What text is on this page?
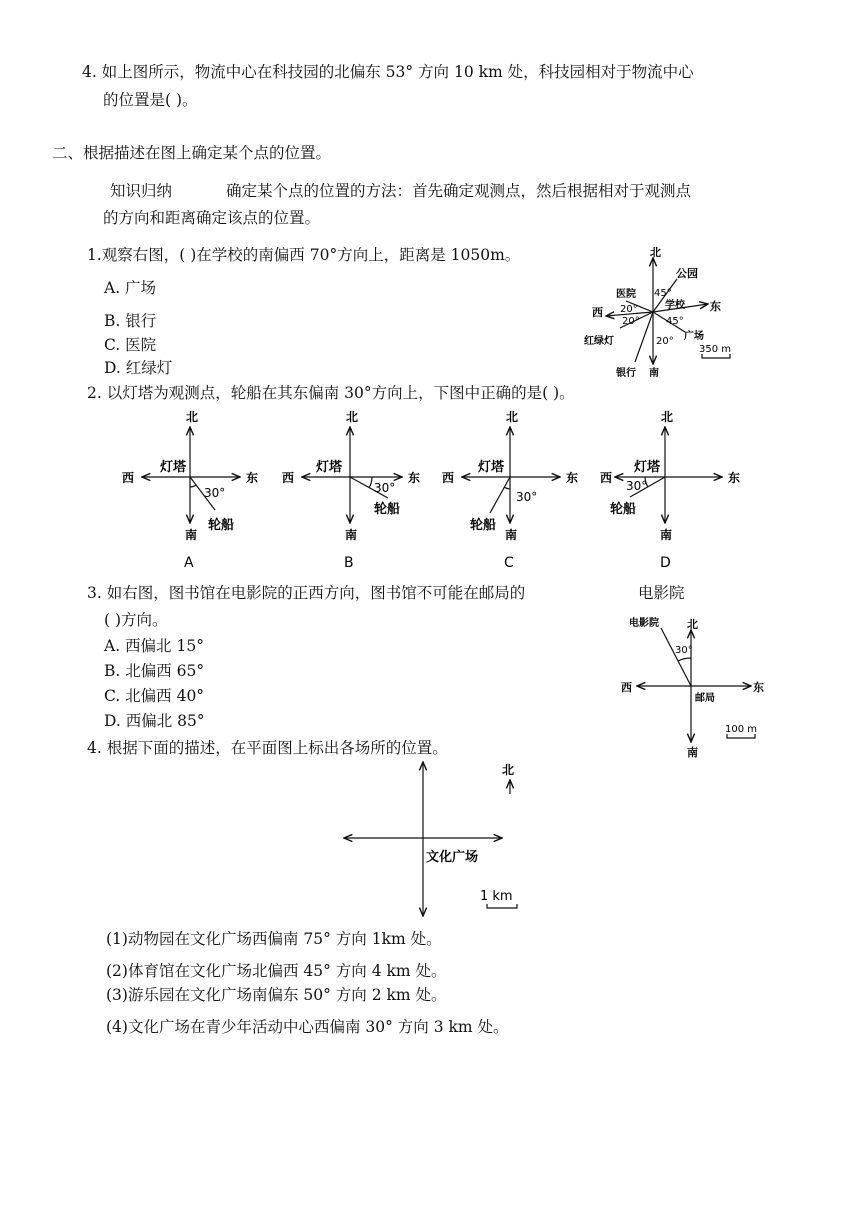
4. 如上图所示，物流中心在科技园的北偏东 53° 方向 10 km 处，科技园相对于物流中心
的位置是( )。
二、根据描述在图上确定某个点的位置。
知识归纳	确定某个点的位置的方法：首先确定观测点，然后根据相对于观测点
的方向和距离确定该点的位置。
1.观察右图，( )在学校的南偏西 70°方向上，距离是 1050m。
A. 广场
B. 银行
C. 医院
D. 红绿灯
北
公园
45°
医院
20°	学校 东
西
20°	45°
广场
红绿灯	20°
350 m
银行 南
2. 以灯塔为观测点，轮船在其东偏南 30°方向上，下图中正确的是( )。
北
灯塔
西	东
30°
轮船
南
A
北
灯塔
西	东
30°
轮船
南
B
北
灯塔
西	东
30°
轮船
南
C
北
灯塔
西	东
30°
轮船
南
D
3. 如右图，图书馆在电影院的正西方向，图书馆不可能在邮局的	电影院
( )方向。
A. 西偏北 15°
B. 北偏西 65°
C. 北偏西 40°
D. 西偏北 85°
电影院	北
30°
西	东
邮局
100 m
南
4. 根据下面的描述，在平面图上标出各场所的位置。
北
文化广场
1 km
(1)动物园在文化广场西偏南 75° 方向 1km 处。
(2)体育馆在文化广场北偏西 45° 方向 4 km 处。
(3)游乐园在文化广场南偏东 50° 方向 2 km 处。
(4)文化广场在青少年活动中心西偏南 30° 方向 3 km 处。
